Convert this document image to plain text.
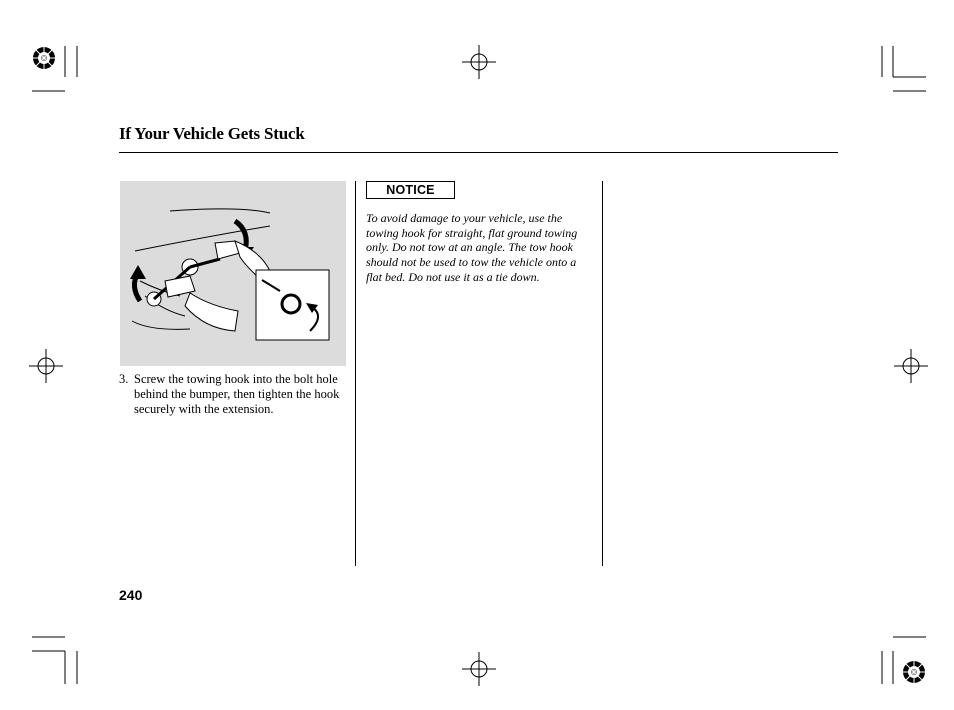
If Your Vehicle Gets Stuck
3. Screw the towing hook into the bolt hole behind the bumper, then tighten the hook securely with the extension.
NOTICE
To avoid damage to your vehicle, use the towing hook for straight, flat ground towing only. Do not tow at an angle. The tow hook should not be used to tow the vehicle onto a flat bed. Do not use it as a tie down.
240
